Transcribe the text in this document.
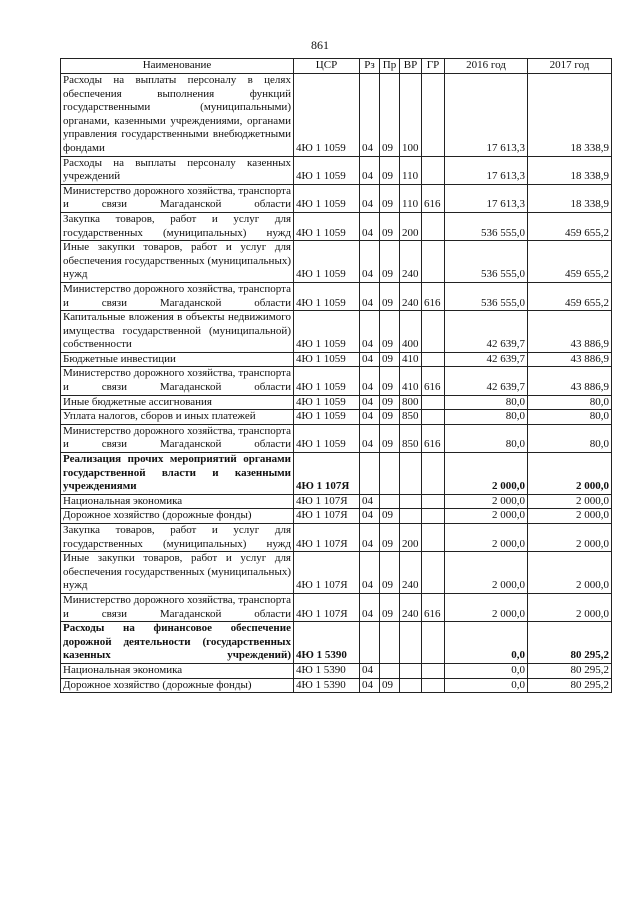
861
Наименование	ЦСР	Рз	Пр	ВР	ГР	2016 год	2017 год
Расходы на выплаты персоналу в целях обеспечения выполнения функций государственными (муниципальными) органами, казенными учреждениями, органами управления государственными внебюджетными фондами	4Ю 1 1059	04	09	100		17 613,3	18 338,9
Расходы на выплаты персоналу казенных учреждений	4Ю 1 1059	04	09	110		17 613,3	18 338,9
Министерство дорожного хозяйства, транспорта и связи Магаданской области	4Ю 1 1059	04	09	110	616	17 613,3	18 338,9
Закупка товаров, работ и услуг для государственных (муниципальных) нужд	4Ю 1 1059	04	09	200		536 555,0	459 655,2
Иные закупки товаров, работ и услуг для обеспечения государственных (муниципальных) нужд	4Ю 1 1059	04	09	240		536 555,0	459 655,2
Министерство дорожного хозяйства, транспорта и связи Магаданской области	4Ю 1 1059	04	09	240	616	536 555,0	459 655,2
Капитальные вложения в объекты недвижимого имущества государственной (муниципальной) собственности	4Ю 1 1059	04	09	400		42 639,7	43 886,9
Бюджетные инвестиции	4Ю 1 1059	04	09	410		42 639,7	43 886,9
Министерство дорожного хозяйства, транспорта и связи Магаданской области	4Ю 1 1059	04	09	410	616	42 639,7	43 886,9
Иные бюджетные ассигнования	4Ю 1 1059	04	09	800		80,0	80,0
Уплата налогов, сборов и иных платежей	4Ю 1 1059	04	09	850		80,0	80,0
Министерство дорожного хозяйства, транспорта и связи Магаданской области	4Ю 1 1059	04	09	850	616	80,0	80,0
Реализация прочих мероприятий органами государственной власти и казенными учреждениями	4Ю 1 107Я					2 000,0	2 000,0
Национальная экономика	4Ю 1 107Я	04				2 000,0	2 000,0
Дорожное хозяйство (дорожные фонды)	4Ю 1 107Я	04	09			2 000,0	2 000,0
Закупка товаров, работ и услуг для государственных (муниципальных) нужд	4Ю 1 107Я	04	09	200		2 000,0	2 000,0
Иные закупки товаров, работ и услуг для обеспечения государственных (муниципальных) нужд	4Ю 1 107Я	04	09	240		2 000,0	2 000,0
Министерство дорожного хозяйства, транспорта и связи Магаданской области	4Ю 1 107Я	04	09	240	616	2 000,0	2 000,0
Расходы на финансовое обеспечение дорожной деятельности (государственных казенных учреждений)	4Ю 1 5390					0,0	80 295,2
Национальная экономика	4Ю 1 5390	04				0,0	80 295,2
Дорожное хозяйство (дорожные фонды)	4Ю 1 5390	04	09			0,0	80 295,2
